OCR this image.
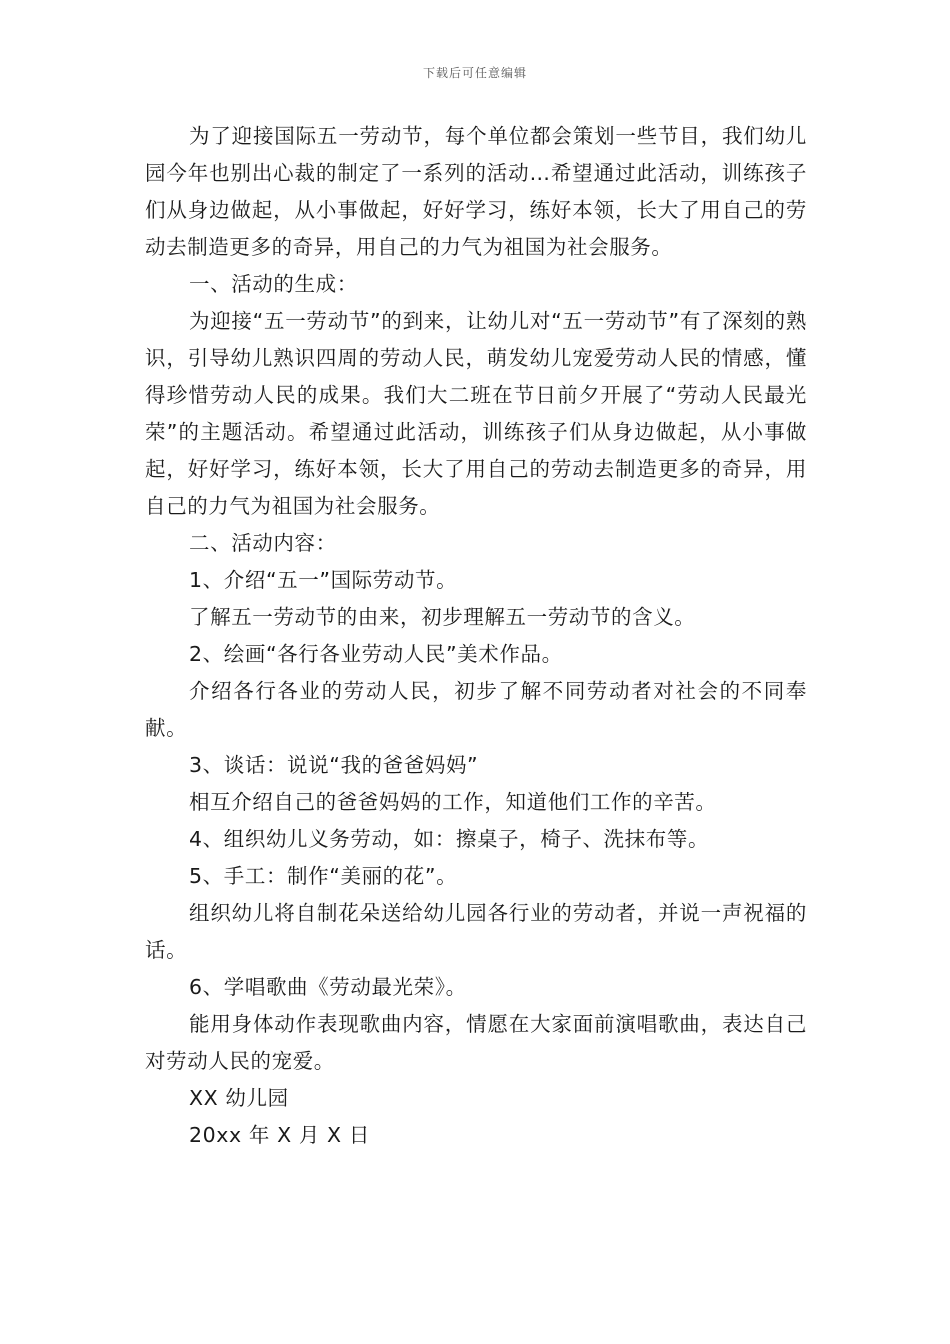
下载后可任意编辑

为了迎接国际五一劳动节，每个单位都会策划一些节目，我们幼儿园今年也别出心裁的制定了一系列的活动…希望通过此活动，训练孩子们从身边做起，从小事做起，好好学习，练好本领，长大了用自己的劳动去制造更多的奇异，用自己的力气为祖国为社会服务。

一、活动的生成：

为迎接“五一劳动节”的到来，让幼儿对“五一劳动节”有了深刻的熟识，引导幼儿熟识四周的劳动人民，萌发幼儿宠爱劳动人民的情感，懂得珍惜劳动人民的成果。我们大二班在节日前夕开展了“劳动人民最光荣”的主题活动。希望通过此活动，训练孩子们从身边做起，从小事做起，好好学习，练好本领，长大了用自己的劳动去制造更多的奇异，用自己的力气为祖国为社会服务。

二、活动内容：

1、介绍“五一”国际劳动节。

了解五一劳动节的由来，初步理解五一劳动节的含义。

2、绘画“各行各业劳动人民”美术作品。

介绍各行各业的劳动人民，初步了解不同劳动者对社会的不同奉献。

3、谈话：说说“我的爸爸妈妈”

相互介绍自己的爸爸妈妈的工作，知道他们工作的辛苦。

4、组织幼儿义务劳动，如：擦桌子，椅子、洗抹布等。

5、手工：制作“美丽的花”。

组织幼儿将自制花朵送给幼儿园各行业的劳动者，并说一声祝福的话。

6、学唱歌曲《劳动最光荣》。

能用身体动作表现歌曲内容，情愿在大家面前演唱歌曲，表达自己对劳动人民的宠爱。

XX 幼儿园

20xx 年 X 月 X 日
